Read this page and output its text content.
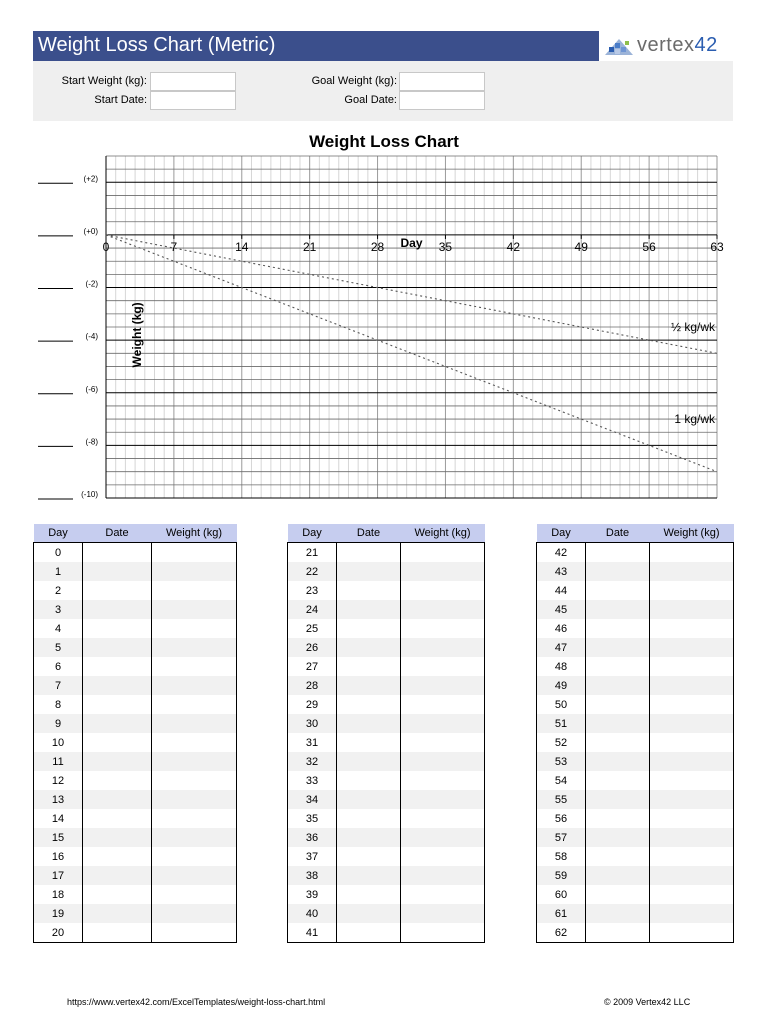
Weight Loss Chart (Metric)	vertex42
Start Weight (kg):
Start Date:
Goal Weight (kg):
Goal Date:
Weight Loss Chart
(+2)
(+0)
(-2)
(-4)
(-6)
(-8)
(-10)
0	7	14	21	28	35	42	49	56	63
Day
Weight (kg)	½ kg/wk
1 kg/wk
Day	Date	Weight (kg)
0		
1		
2		
3		
4		
5		
6		
7		
8		
9		
10		
11		
12		
13		
14		
15		
16		
17		
18		
19		
20		
Day	Date	Weight (kg)
21		
22		
23		
24		
25		
26		
27		
28		
29		
30		
31		
32		
33		
34		
35		
36		
37		
38		
39		
40		
41		
Day	Date	Weight (kg)
42		
43		
44		
45		
46		
47		
48		
49		
50		
51		
52		
53		
54		
55		
56		
57		
58		
59		
60		
61		
62		
https://www.vertex42.com/ExcelTemplates/weight-loss-chart.html	© 2009 Vertex42 LLC
